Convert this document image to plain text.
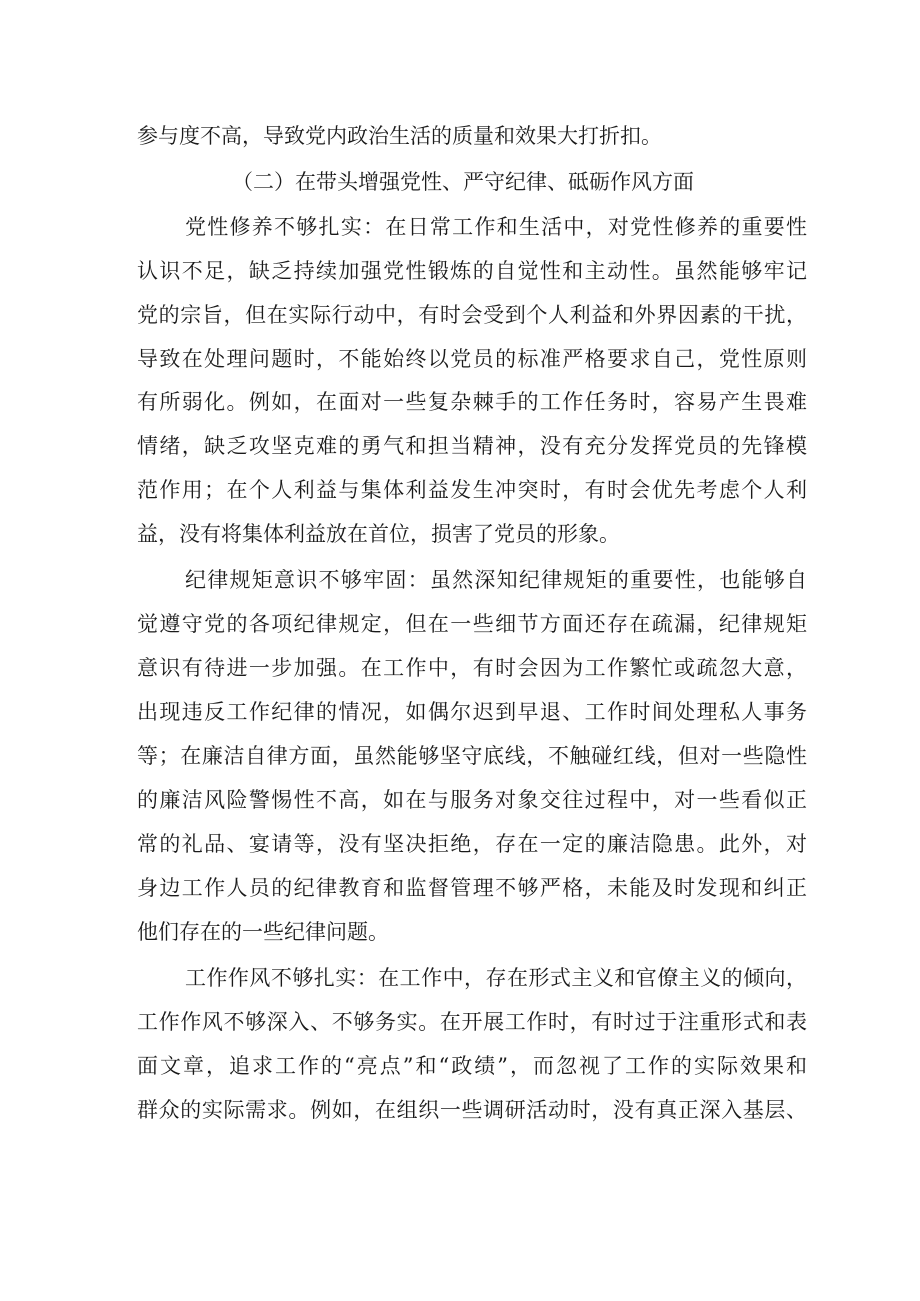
参与度不高，导致党内政治生活的质量和效果大打折扣。
（二）在带头增强党性、严守纪律、砥砺作风方面
党性修养不够扎实：在日常工作和生活中，对党性修养的重要性
认识不足，缺乏持续加强党性锻炼的自觉性和主动性。虽然能够牢记
党的宗旨，但在实际行动中，有时会受到个人利益和外界因素的干扰，
导致在处理问题时，不能始终以党员的标准严格要求自己，党性原则
有所弱化。例如，在面对一些复杂棘手的工作任务时，容易产生畏难
情绪，缺乏攻坚克难的勇气和担当精神，没有充分发挥党员的先锋模
范作用；在个人利益与集体利益发生冲突时，有时会优先考虑个人利
益，没有将集体利益放在首位，损害了党员的形象。
纪律规矩意识不够牢固：虽然深知纪律规矩的重要性，也能够自
觉遵守党的各项纪律规定，但在一些细节方面还存在疏漏，纪律规矩
意识有待进一步加强。在工作中，有时会因为工作繁忙或疏忽大意，
出现违反工作纪律的情况，如偶尔迟到早退、工作时间处理私人事务
等；在廉洁自律方面，虽然能够坚守底线，不触碰红线，但对一些隐性
的廉洁风险警惕性不高，如在与服务对象交往过程中，对一些看似正
常的礼品、宴请等，没有坚决拒绝，存在一定的廉洁隐患。此外，对
身边工作人员的纪律教育和监督管理不够严格，未能及时发现和纠正
他们存在的一些纪律问题。
工作作风不够扎实：在工作中，存在形式主义和官僚主义的倾向，
工作作风不够深入、不够务实。在开展工作时，有时过于注重形式和表
面文章，追求工作的“亮点”和“政绩”，而忽视了工作的实际效果和
群众的实际需求。例如，在组织一些调研活动时，没有真正深入基层、
